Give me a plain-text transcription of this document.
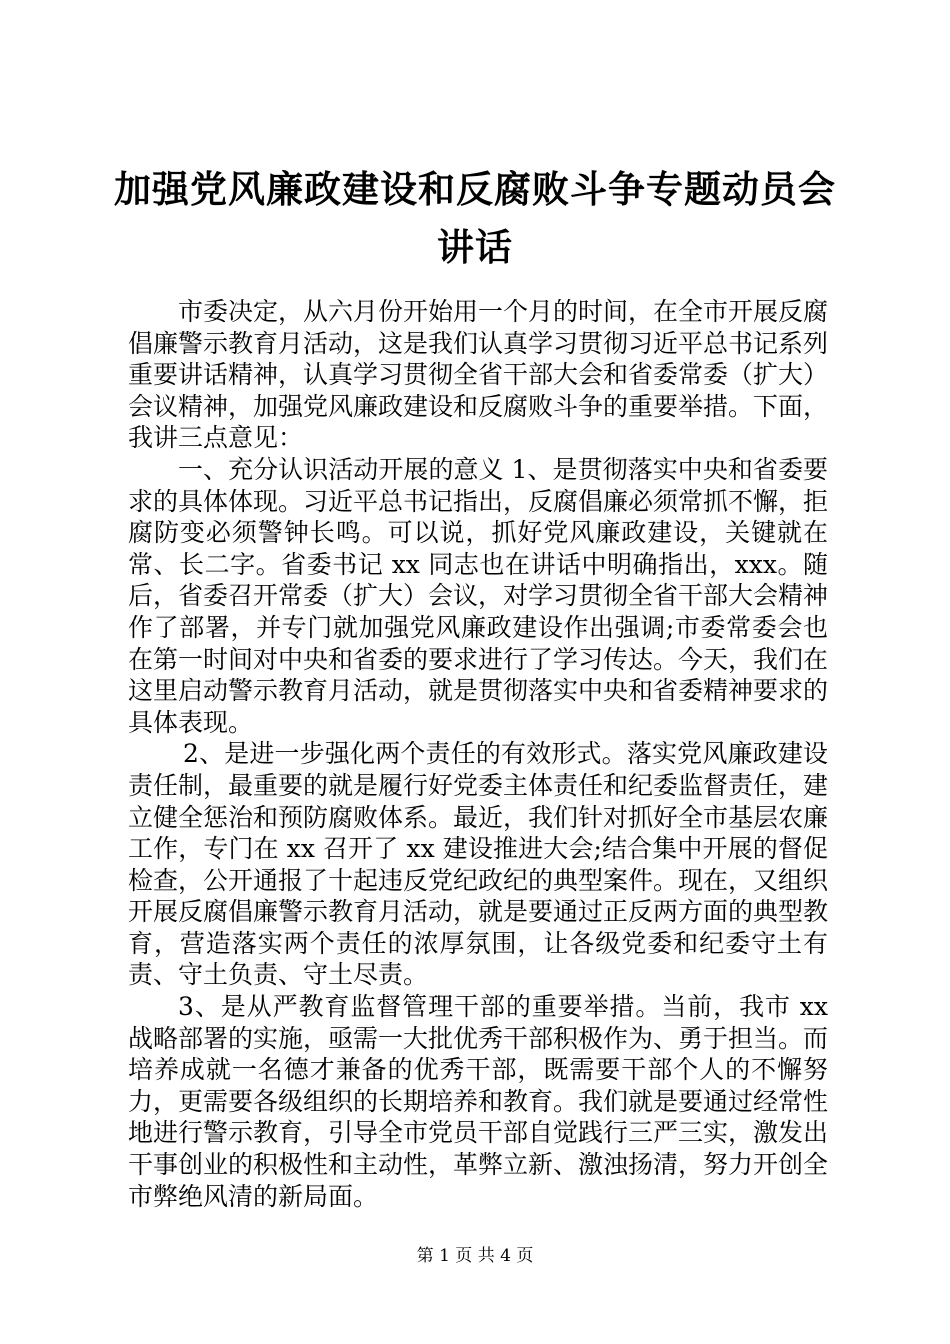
加强党风廉政建设和反腐败斗争专题动员会讲话

市委决定，从六月份开始用一个月的时间，在全市开展反腐倡廉警示教育月活动，这是我们认真学习贯彻习近平总书记系列重要讲话精神，认真学习贯彻全省干部大会和省委常委（扩大）会议精神，加强党风廉政建设和反腐败斗争的重要举措。下面，我讲三点意见：

一、充分认识活动开展的意义 1、是贯彻落实中央和省委要求的具体体现。习近平总书记指出，反腐倡廉必须常抓不懈，拒腐防变必须警钟长鸣。可以说，抓好党风廉政建设，关键就在常、长二字。省委书记 xx 同志也在讲话中明确指出，xxx。随后，省委召开常委（扩大）会议，对学习贯彻全省干部大会精神作了部署，并专门就加强党风廉政建设作出强调;市委常委会也在第一时间对中央和省委的要求进行了学习传达。今天，我们在这里启动警示教育月活动，就是贯彻落实中央和省委精神要求的具体表现。

2、是进一步强化两个责任的有效形式。落实党风廉政建设责任制，最重要的就是履行好党委主体责任和纪委监督责任，建立健全惩治和预防腐败体系。最近，我们针对抓好全市基层农廉工作，专门在 xx 召开了 xx 建设推进大会;结合集中开展的督促检查，公开通报了十起违反党纪政纪的典型案件。现在，又组织开展反腐倡廉警示教育月活动，就是要通过正反两方面的典型教育，营造落实两个责任的浓厚氛围，让各级党委和纪委守土有责、守土负责、守土尽责。

3、是从严教育监督管理干部的重要举措。当前，我市 xx 战略部署的实施，亟需一大批优秀干部积极作为、勇于担当。而培养成就一名德才兼备的优秀干部，既需要干部个人的不懈努力，更需要各级组织的长期培养和教育。我们就是要通过经常性地进行警示教育，引导全市党员干部自觉践行三严三实，激发出干事创业的积极性和主动性，革弊立新、激浊扬清，努力开创全市弊绝风清的新局面。

第 1 页 共 4 页
